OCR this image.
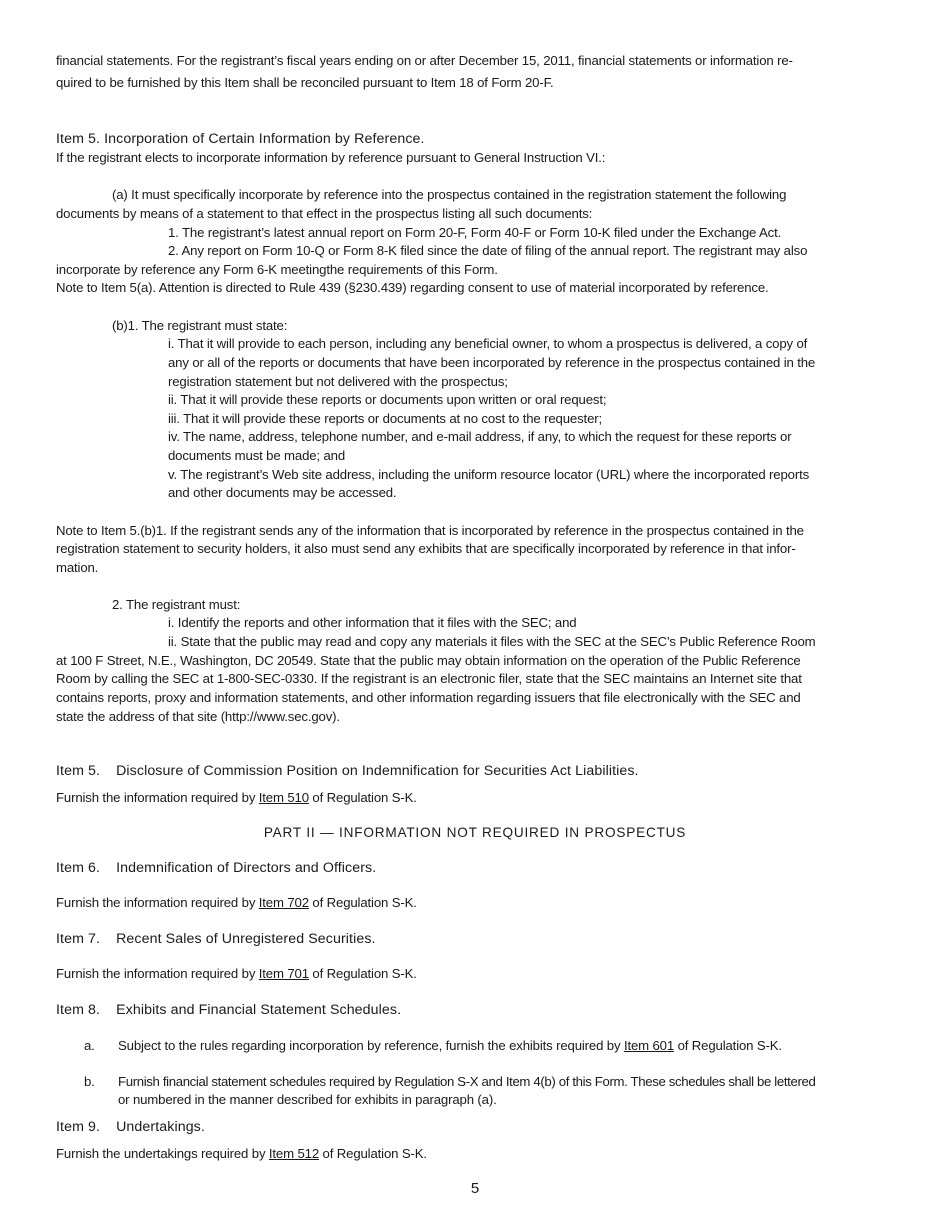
financial statements. For the registrant’s fiscal years ending on or after December 15, 2011, financial statements or information re-
quired to be furnished by this Item shall be reconciled pursuant to Item 18 of Form 20-F.
Item 5. Incorporation of Certain Information by Reference.
If the registrant elects to incorporate information by reference pursuant to General Instruction VI.:
(a) It must specifically incorporate by reference into the prospectus contained in the registration statement the following
documents by means of a statement to that effect in the prospectus listing all such documents:
1. The registrant’s latest annual report on Form 20-F, Form 40-F or Form 10-K filed under the Exchange Act.
2. Any report on Form 10-Q or Form 8-K filed since the date of filing of the annual report. The registrant may also
incorporate by reference any Form 6-K meetingthe requirements of this Form.
Note to Item 5(a). Attention is directed to Rule 439 (§230.439) regarding consent to use of material incorporated by reference.
(b)1. The registrant must state:
i. That it will provide to each person, including any beneficial owner, to whom a prospectus is delivered, a copy of
any or all of the reports or documents that have been incorporated by reference in the prospectus contained in the
registration statement but not delivered with the prospectus;
ii. That it will provide these reports or documents upon written or oral request;
iii. That it will provide these reports or documents at no cost to the requester;
iv. The name, address, telephone number, and e-mail address, if any, to which the request for these reports or
documents must be made; and
v. The registrant’s Web site address, including the uniform resource locator (URL) where the incorporated reports
and other documents may be accessed.
Note to Item 5.(b)1. If the registrant sends any of the information that is incorporated by reference in the prospectus contained in the
registration statement to security holders, it also must send any exhibits that are specifically incorporated by reference in that infor-
mation.
2. The registrant must:
i. Identify the reports and other information that it files with the SEC; and
ii. State that the public may read and copy any materials it files with the SEC at the SEC’s Public Reference Room
at 100 F Street, N.E., Washington, DC 20549. State that the public may obtain information on the operation of the Public Reference
Room by calling the SEC at 1-800-SEC-0330. If the registrant is an electronic filer, state that the SEC maintains an Internet site that
contains reports, proxy and information statements, and other information regarding issuers that file electronically with the SEC and
state the address of that site (http://www.sec.gov).
Item 5. Disclosure of Commission Position on Indemnification for Securities Act Liabilities.
Furnish the information required by Item 510 of Regulation S-K.
PART II — INFORMATION NOT REQUIRED IN PROSPECTUS
Item 6. Indemnification of Directors and Officers.
Furnish the information required by Item 702 of Regulation S-K.
Item 7. Recent Sales of Unregistered Securities.
Furnish the information required by Item 701 of Regulation S-K.
Item 8. Exhibits and Financial Statement Schedules.
a. Subject to the rules regarding incorporation by reference, furnish the exhibits required by Item 601 of Regulation S-K.
b. Furnish financial statement schedules required by Regulation S-X and Item 4(b) of this Form. These schedules shall be lettered
or numbered in the manner described for exhibits in paragraph (a).
Item 9. Undertakings.
Furnish the undertakings required by Item 512 of Regulation S-K.
5
